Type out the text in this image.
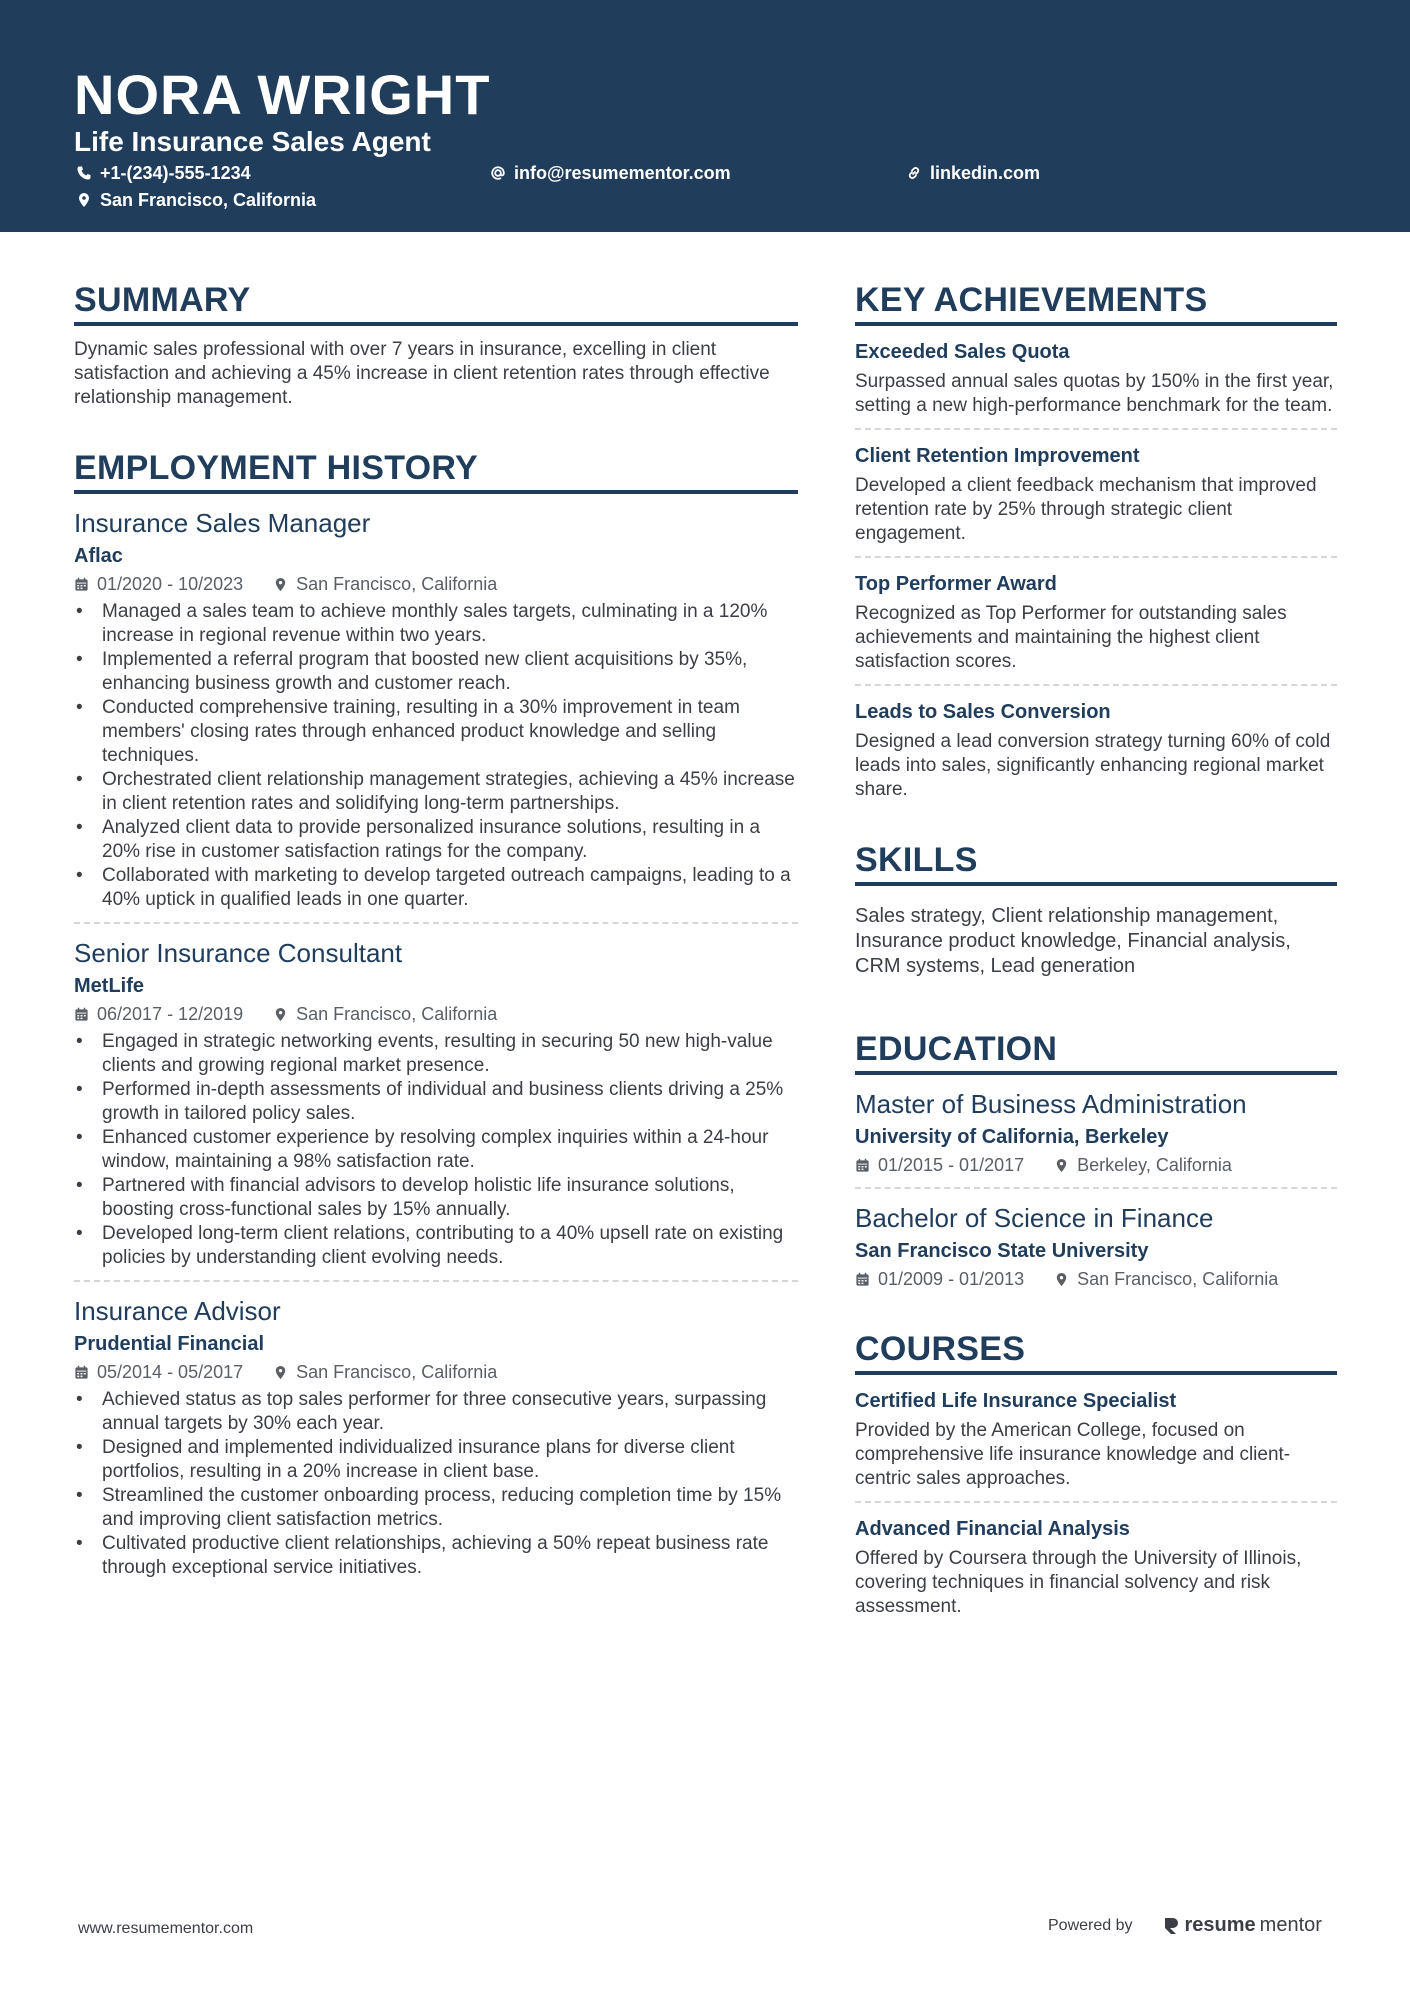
NORA WRIGHT
Life Insurance Sales Agent
+1-(234)-555-1234	info@resumementor.com	linkedin.com
San Francisco, California
SUMMARY
Dynamic sales professional with over 7 years in insurance, excelling in client satisfaction and achieving a 45% increase in client retention rates through effective relationship management.
EMPLOYMENT HISTORY
Insurance Sales Manager
Aflac
01/2020 - 10/2023	San Francisco, California
• Managed a sales team to achieve monthly sales targets, culminating in a 120% increase in regional revenue within two years.
• Implemented a referral program that boosted new client acquisitions by 35%, enhancing business growth and customer reach.
• Conducted comprehensive training, resulting in a 30% improvement in team members' closing rates through enhanced product knowledge and selling techniques.
• Orchestrated client relationship management strategies, achieving a 45% increase in client retention rates and solidifying long-term partnerships.
• Analyzed client data to provide personalized insurance solutions, resulting in a 20% rise in customer satisfaction ratings for the company.
• Collaborated with marketing to develop targeted outreach campaigns, leading to a 40% uptick in qualified leads in one quarter.
Senior Insurance Consultant
MetLife
06/2017 - 12/2019	San Francisco, California
• Engaged in strategic networking events, resulting in securing 50 new high-value clients and growing regional market presence.
• Performed in-depth assessments of individual and business clients driving a 25% growth in tailored policy sales.
• Enhanced customer experience by resolving complex inquiries within a 24-hour window, maintaining a 98% satisfaction rate.
• Partnered with financial advisors to develop holistic life insurance solutions, boosting cross-functional sales by 15% annually.
• Developed long-term client relations, contributing to a 40% upsell rate on existing policies by understanding client evolving needs.
Insurance Advisor
Prudential Financial
05/2014 - 05/2017	San Francisco, California
• Achieved status as top sales performer for three consecutive years, surpassing annual targets by 30% each year.
• Designed and implemented individualized insurance plans for diverse client portfolios, resulting in a 20% increase in client base.
• Streamlined the customer onboarding process, reducing completion time by 15% and improving client satisfaction metrics.
• Cultivated productive client relationships, achieving a 50% repeat business rate through exceptional service initiatives.
KEY ACHIEVEMENTS
Exceeded Sales Quota
Surpassed annual sales quotas by 150% in the first year, setting a new high-performance benchmark for the team.
Client Retention Improvement
Developed a client feedback mechanism that improved retention rate by 25% through strategic client engagement.
Top Performer Award
Recognized as Top Performer for outstanding sales achievements and maintaining the highest client satisfaction scores.
Leads to Sales Conversion
Designed a lead conversion strategy turning 60% of cold leads into sales, significantly enhancing regional market share.
SKILLS
Sales strategy, Client relationship management, Insurance product knowledge, Financial analysis, CRM systems, Lead generation
EDUCATION
Master of Business Administration
University of California, Berkeley
01/2015 - 01/2017	Berkeley, California
Bachelor of Science in Finance
San Francisco State University
01/2009 - 01/2013	San Francisco, California
COURSES
Certified Life Insurance Specialist
Provided by the American College, focused on comprehensive life insurance knowledge and client-centric sales approaches.
Advanced Financial Analysis
Offered by Coursera through the University of Illinois, covering techniques in financial solvency and risk assessment.
www.resumementor.com	Powered by	resume mentor
